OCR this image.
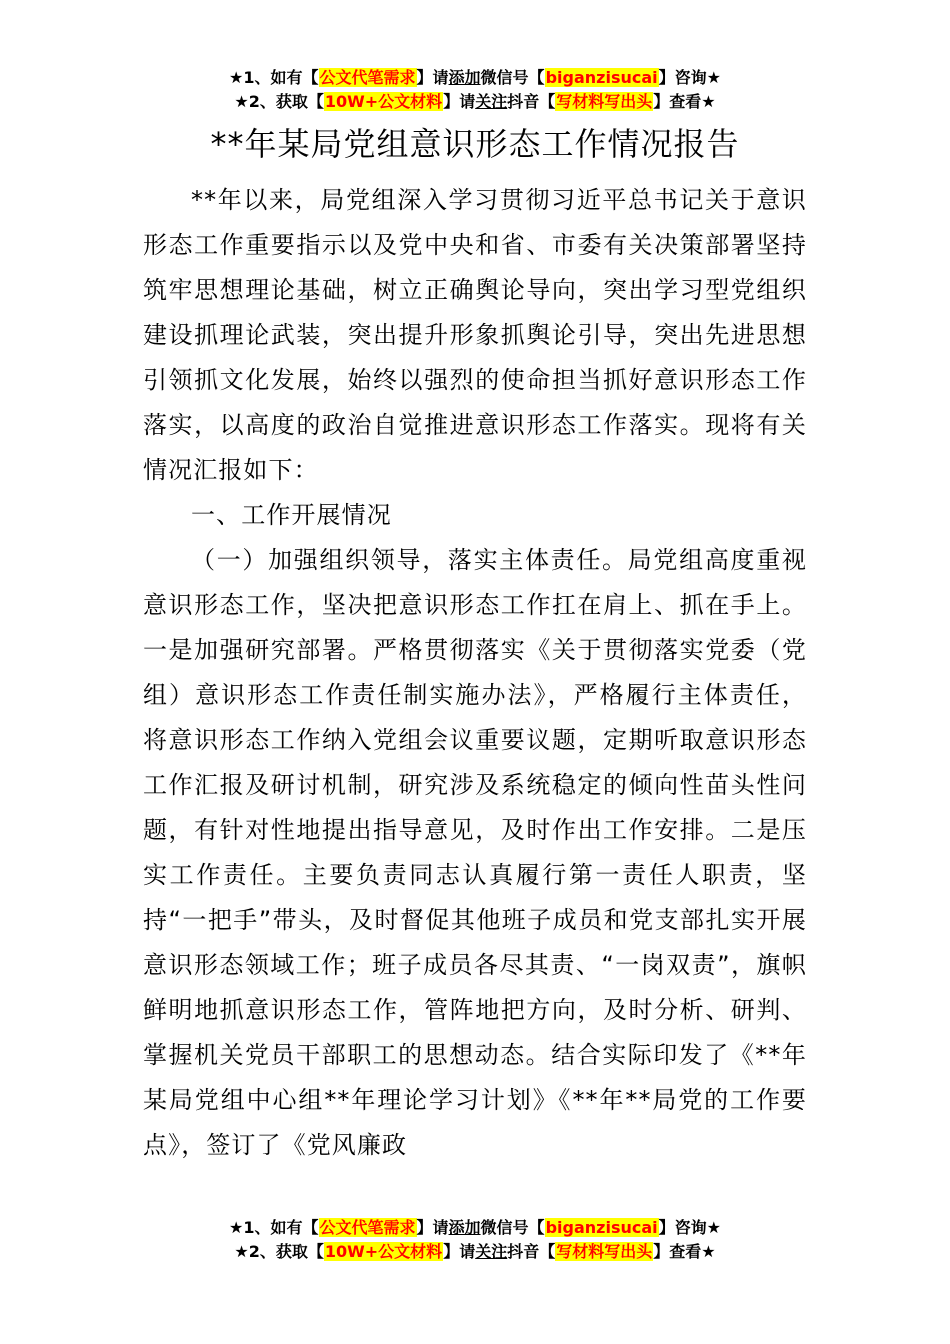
★1、如有【公文代笔需求】请添加微信号【biganzisucai】咨询★
★2、获取【10W+公文材料】请关注抖音【写材料写出头】查看★
**年某局党组意识形态工作情况报告

**年以来，局党组深入学习贯彻习近平总书记关于意识形态工作重要指示以及党中央和省、市委有关决策部署坚持筑牢思想理论基础，树立正确舆论导向，突出学习型党组织建设抓理论武装，突出提升形象抓舆论引导，突出先进思想引领抓文化发展，始终以强烈的使命担当抓好意识形态工作落实，以高度的政治自觉推进意识形态工作落实。现将有关情况汇报如下：

一、工作开展情况

（一）加强组织领导，落实主体责任。局党组高度重视意识形态工作，坚决把意识形态工作扛在肩上、抓在手上。一是加强研究部署。严格贯彻落实《关于贯彻落实党委（党组）意识形态工作责任制实施办法》，严格履行主体责任，将意识形态工作纳入党组会议重要议题，定期听取意识形态工作汇报及研讨机制，研究涉及系统稳定的倾向性苗头性问题，有针对性地提出指导意见，及时作出工作安排。二是压实工作责任。主要负责同志认真履行第一责任人职责，坚持“一把手”带头，及时督促其他班子成员和党支部扎实开展意识形态领域工作；班子成员各尽其责、“一岗双责”，旗帜鲜明地抓意识形态工作，管阵地把方向，及时分析、研判、掌握机关党员干部职工的思想动态。结合实际印发了《**年某局党组中心组**年理论学习计划》《**年**局党的工作要点》，签订了《党风廉政

★1、如有【公文代笔需求】请添加微信号【biganzisucai】咨询★
★2、获取【10W+公文材料】请关注抖音【写材料写出头】查看★
